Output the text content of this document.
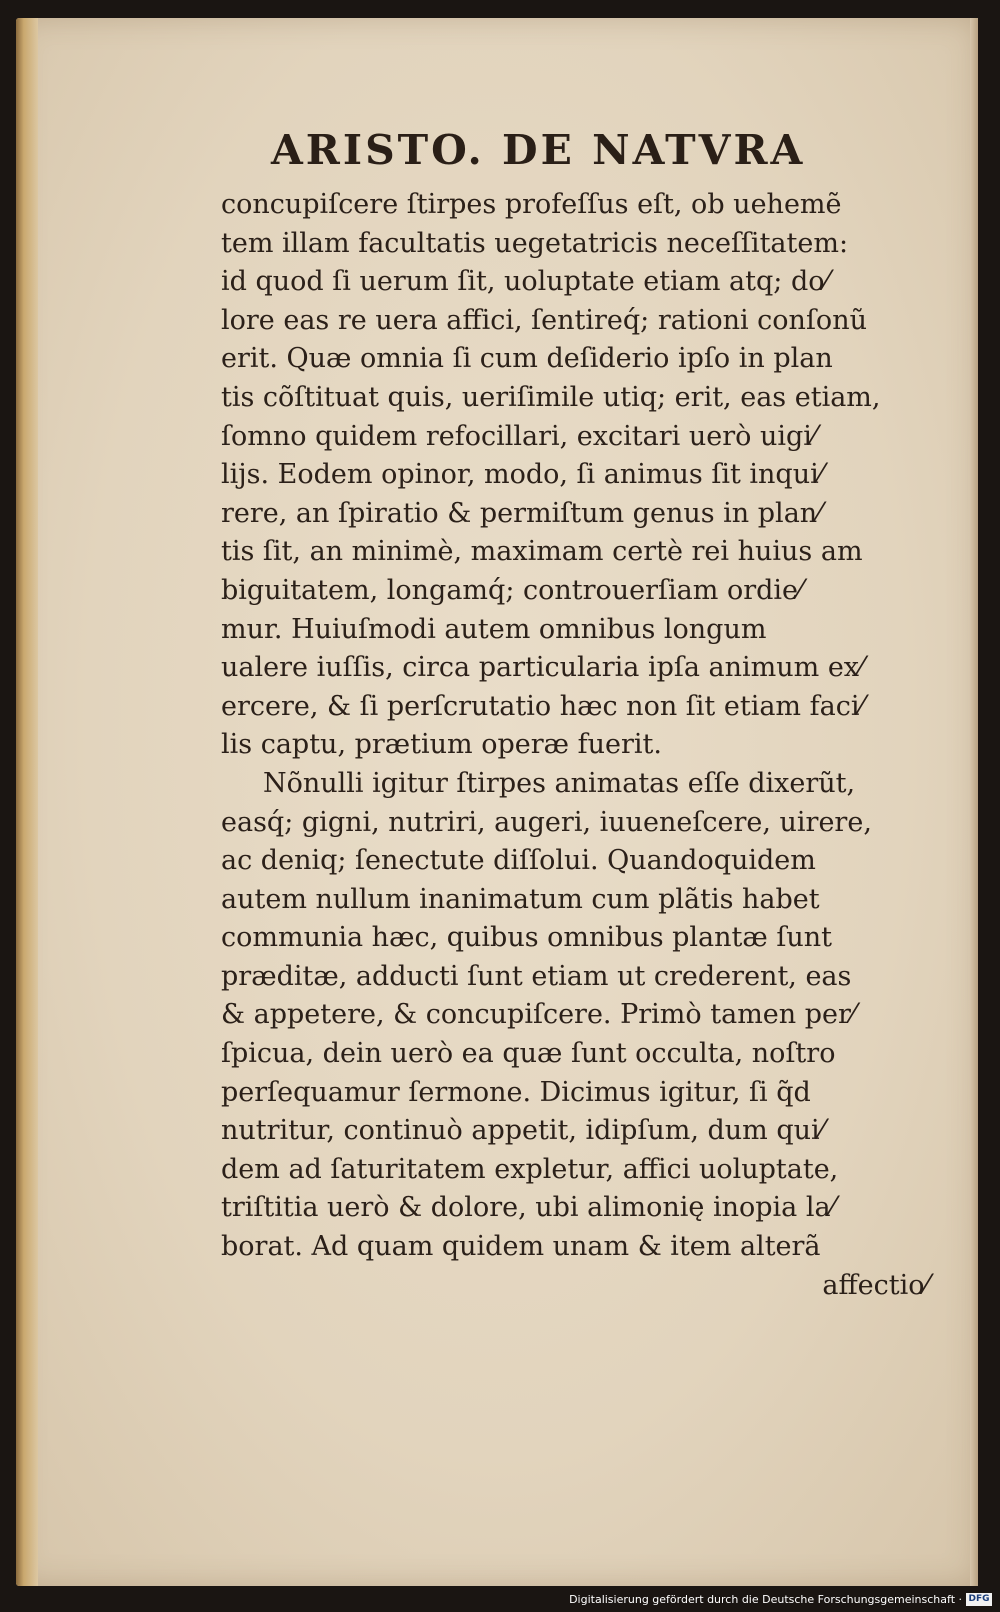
ARISTO. DE NATVRA
concupiſcere ſtirpes profeſſus eſt, ob uehemẽ
tem illam facultatis uegetatricis neceſſitatem:
id quod ſi uerum ſit, uoluptate etiam atq; do⁄
lore eas re uera affici, ſentireq́; rationi conſonũ
erit. Quæ omnia ſi cum deſiderio ipſo in plan
tis cõſtituat quis, ueriſimile utiq; erit, eas etiam,
ſomno quidem refocillari, excitari uerò uigi⁄
lijs. Eodem opinor, modo, ſi animus ſit inqui⁄
rere, an ſpiratio & permiſtum genus in plan⁄
tis ſit, an minimè, maximam certè rei huius am
biguitatem, longamq́; controuerſiam ordie⁄
mur. Huiuſmodi autem omnibus longum
ualere iuſſis, circa particularia ipſa animum ex⁄
ercere, & ſi perſcrutatio hæc non ſit etiam faci⁄
lis captu, prætium operæ fuerit.
Nõnulli igitur ſtirpes animatas eſſe dixerũt,
easq́; gigni, nutriri, augeri, iuueneſcere, uirere,
ac deniq; ſenectute diſſolui. Quandoquidem
autem nullum inanimatum cum plãtis habet
communia hæc, quibus omnibus plantæ ſunt
præditæ, adducti ſunt etiam ut crederent, eas
& appetere, & concupiſcere. Primò tamen per⁄
ſpicua, dein uerò ea quæ ſunt occulta, noſtro
perſequamur ſermone. Dicimus igitur, ſi q̃d
nutritur, continuò appetit, idipſum, dum qui⁄
dem ad ſaturitatem expletur, affici uoluptate,
triſtitia uerò & dolore, ubi alimonię inopia la⁄
borat. Ad quam quidem unam & item alterã
affectio⁄
Digitalisierung gefördert durch die Deutsche Forschungsgemeinschaft · DFG
